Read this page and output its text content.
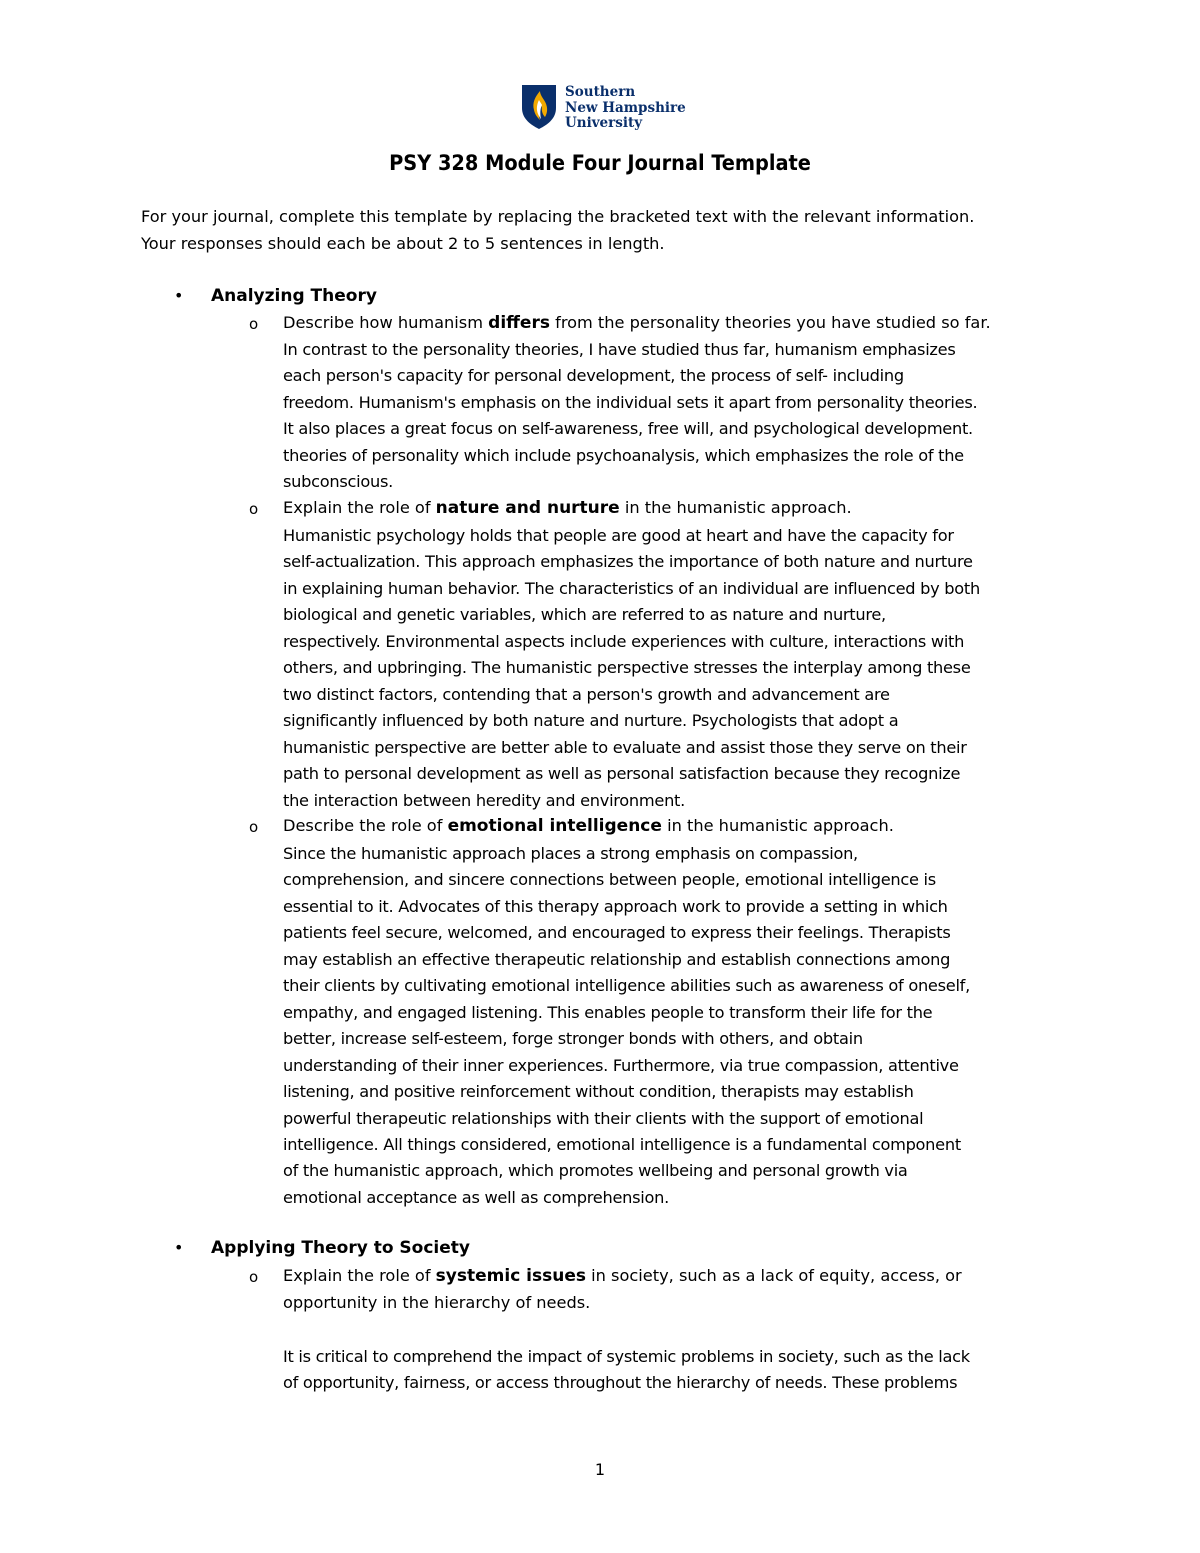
Southern
New Hampshire
University
PSY 328 Module Four Journal Template
For your journal, complete this template by replacing the bracketed text with the relevant information.
Your responses should each be about 2 to 5 sentences in length.
• Analyzing Theory
o Describe how humanism differs from the personality theories you have studied so far.
In contrast to the personality theories, I have studied thus far, humanism emphasizes
each person's capacity for personal development, the process of self- including
freedom. Humanism's emphasis on the individual sets it apart from personality theories.
It also places a great focus on self-awareness, free will, and psychological development.
theories of personality which include psychoanalysis, which emphasizes the role of the
subconscious.
o Explain the role of nature and nurture in the humanistic approach.
Humanistic psychology holds that people are good at heart and have the capacity for
self-actualization. This approach emphasizes the importance of both nature and nurture
in explaining human behavior. The characteristics of an individual are influenced by both
biological and genetic variables, which are referred to as nature and nurture,
respectively. Environmental aspects include experiences with culture, interactions with
others, and upbringing. The humanistic perspective stresses the interplay among these
two distinct factors, contending that a person's growth and advancement are
significantly influenced by both nature and nurture. Psychologists that adopt a
humanistic perspective are better able to evaluate and assist those they serve on their
path to personal development as well as personal satisfaction because they recognize
the interaction between heredity and environment.
o Describe the role of emotional intelligence in the humanistic approach.
Since the humanistic approach places a strong emphasis on compassion,
comprehension, and sincere connections between people, emotional intelligence is
essential to it. Advocates of this therapy approach work to provide a setting in which
patients feel secure, welcomed, and encouraged to express their feelings. Therapists
may establish an effective therapeutic relationship and establish connections among
their clients by cultivating emotional intelligence abilities such as awareness of oneself,
empathy, and engaged listening. This enables people to transform their life for the
better, increase self-esteem, forge stronger bonds with others, and obtain
understanding of their inner experiences. Furthermore, via true compassion, attentive
listening, and positive reinforcement without condition, therapists may establish
powerful therapeutic relationships with their clients with the support of emotional
intelligence. All things considered, emotional intelligence is a fundamental component
of the humanistic approach, which promotes wellbeing and personal growth via
emotional acceptance as well as comprehension.
• Applying Theory to Society
o Explain the role of systemic issues in society, such as a lack of equity, access, or
opportunity in the hierarchy of needs.
It is critical to comprehend the impact of systemic problems in society, such as the lack
of opportunity, fairness, or access throughout the hierarchy of needs. These problems
1
